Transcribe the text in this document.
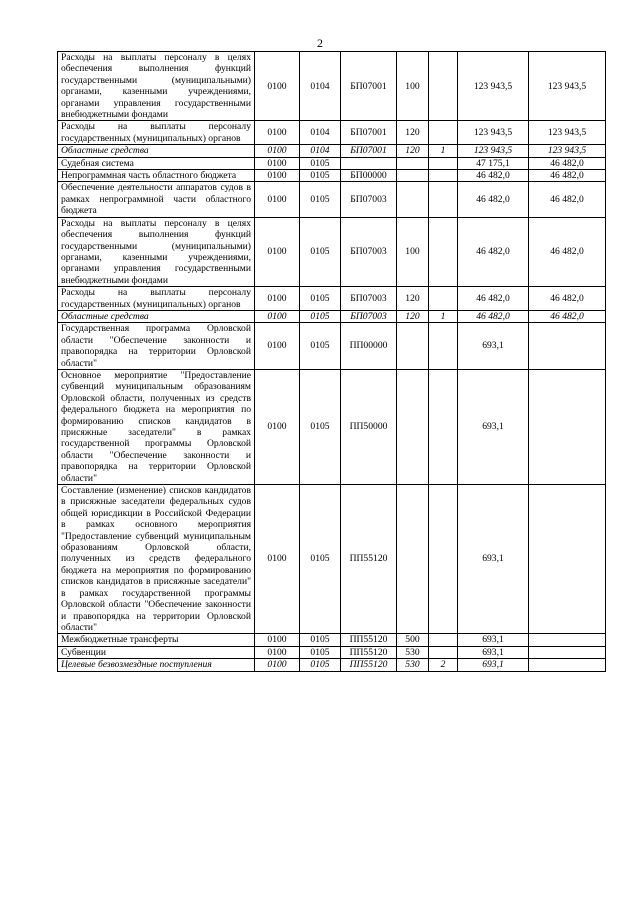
2
Расходы на выплаты персоналу в целях обеспечения выполнения функций государственными (муниципальными) органами, казенными учреждениями, органами управления государственными внебюджетными фондами	0100	0104	БП07001	100		123 943,5	123 943,5
Расходы на выплаты персоналу государственных (муниципальных) органов	0100	0104	БП07001	120		123 943,5	123 943,5
Областные средства	0100	0104	БП07001	120	1	123 943,5	123 943,5
Судебная система	0100	0105				47 175,1	46 482,0
Непрограммная часть областного бюджета	0100	0105	БП00000			46 482,0	46 482,0
Обеспечение деятельности аппаратов судов в рамках непрограммной части областного бюджета	0100	0105	БП07003			46 482,0	46 482,0
Расходы на выплаты персоналу в целях обеспечения выполнения функций государственными (муниципальными) органами, казенными учреждениями, органами управления государственными внебюджетными фондами	0100	0105	БП07003	100		46 482,0	46 482,0
Расходы на выплаты персоналу государственных (муниципальных) органов	0100	0105	БП07003	120		46 482,0	46 482,0
Областные средства	0100	0105	БП07003	120	1	46 482,0	46 482,0
Государственная программа Орловской области "Обеспечение законности и правопорядка на территории Орловской области"	0100	0105	ПП00000			693,1	
Основное мероприятие "Предоставление субвенций муниципальным образованиям Орловской области, полученных из средств федерального бюджета на мероприятия по формированию списков кандидатов в присяжные заседатели" в рамках государственной программы Орловской области "Обеспечение законности и правопорядка на территории Орловской области"	0100	0105	ПП50000			693,1	
Составление (изменение) списков кандидатов в присяжные заседатели федеральных судов общей юрисдикции в Российской Федерации в рамках основного мероприятия "Предоставление субвенций муниципальным образованиям Орловской области, полученных из средств федерального бюджета на мероприятия по формированию списков кандидатов в присяжные заседатели" в рамках государственной программы Орловской области "Обеспечение законности и правопорядка на территории Орловской области"	0100	0105	ПП55120			693,1	
Межбюджетные трансферты	0100	0105	ПП55120	500		693,1	
Субвенции	0100	0105	ПП55120	530		693,1	
Целевые безвозмездные поступления	0100	0105	ПП55120	530	2	693,1	
